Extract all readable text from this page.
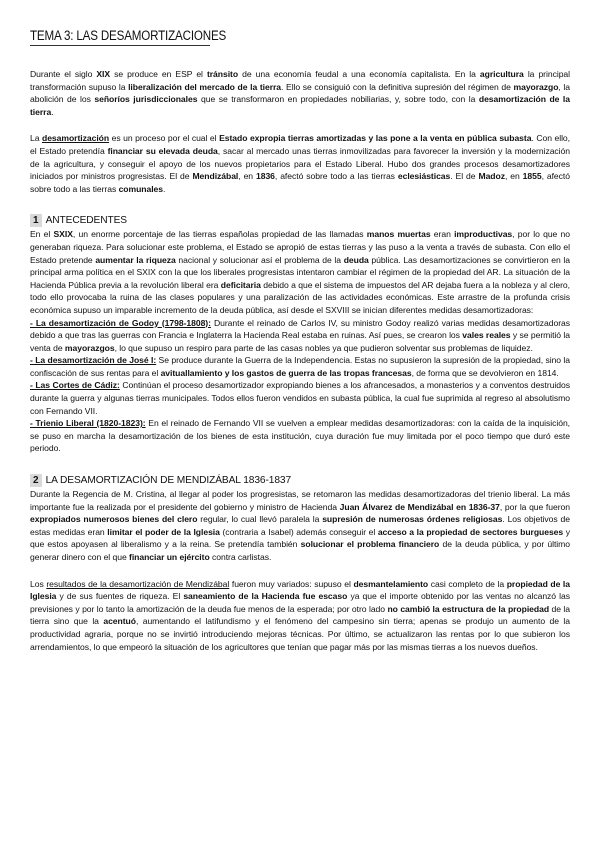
TEMA 3: LAS DESAMORTIZACIONES

Durante el siglo XIX se produce en ESP el tránsito de una economía feudal a una economía capitalista. En la agricultura la principal transformación supuso la liberalización del mercado de la tierra. Ello se consiguió con la definitiva supresión del régimen de mayorazgo, la abolición de los señoríos jurisdiccionales que se transformaron en propiedades nobiliarias, y, sobre todo, con la desamortización de la tierra.

La desamortización es un proceso por el cual el Estado expropia tierras amortizadas y las pone a la venta en pública subasta. Con ello, el Estado pretendía financiar su elevada deuda, sacar al mercado unas tierras inmovilizadas para favorecer la inversión y la modernización de la agricultura, y conseguir el apoyo de los nuevos propietarios para el Estado Liberal. Hubo dos grandes procesos desamortizadores iniciados por ministros progresistas. El de Mendizábal, en 1836, afectó sobre todo a las tierras eclesiásticas. El de Madoz, en 1855, afectó sobre todo a las tierras comunales.

1 ANTECEDENTES

En el SXIX, un enorme porcentaje de las tierras españolas propiedad de las llamadas manos muertas eran improductivas, por lo que no generaban riqueza. Para solucionar este problema, el Estado se apropió de estas tierras y las puso a la venta a través de subasta. Con ello el Estado pretende aumentar la riqueza nacional y solucionar así el problema de la deuda pública. Las desamortizaciones se convirtieron en la principal arma política en el SXIX con la que los liberales progresistas intentaron cambiar el régimen de la propiedad del AR. La situación de la Hacienda Pública previa a la revolución liberal era deficitaria debido a que el sistema de impuestos del AR dejaba fuera a la nobleza y al clero, todo ello provocaba la ruina de las clases populares y una paralización de las actividades económicas. Este arrastre de la profunda crisis económica supuso un imparable incremento de la deuda pública, así desde el SXVIII se inician diferentes medidas desamortizadoras:

- La desamortización de Godoy (1798-1808): Durante el reinado de Carlos IV, su ministro Godoy realizó varias medidas desamortizadoras debido a que tras las guerras con Francia e Inglaterra la Hacienda Real estaba en ruinas. Así pues, se crearon los vales reales y se permitió la venta de mayorazgos, lo que supuso un respiro para parte de las casas nobles ya que pudieron solventar sus problemas de liquidez.

- La desamortización de José I: Se produce durante la Guerra de la Independencia. Estas no supusieron la supresión de la propiedad, sino la confiscación de sus rentas para el avituallamiento y los gastos de guerra de las tropas francesas, de forma que se devolvieron en 1814.

- Las Cortes de Cádiz: Continúan el proceso desamortizador expropiando bienes a los afrancesados, a monasterios y a conventos destruidos durante la guerra y algunas tierras municipales. Todos ellos fueron vendidos en subasta pública, la cual fue suprimida al regreso al absolutismo con Fernando VII.

- Trienio Liberal (1820-1823): En el reinado de Fernando VII se vuelven a emplear medidas desamortizadoras: con la caída de la inquisición, se puso en marcha la desamortización de los bienes de esta institución, cuya duración fue muy limitada por el poco tiempo que duró este periodo.

2 LA DESAMORTIZACIÓN DE MENDIZÁBAL 1836-1837

Durante la Regencia de M. Cristina, al llegar al poder los progresistas, se retomaron las medidas desamortizadoras del trienio liberal. La más importante fue la realizada por el presidente del gobierno y ministro de Hacienda Juan Álvarez de Mendizábal en 1836-37, por la que fueron expropiados numerosos bienes del clero regular, lo cual llevó paralela la supresión de numerosas órdenes religiosas. Los objetivos de estas medidas eran limitar el poder de la Iglesia (contraria a Isabel) además conseguir el acceso a la propiedad de sectores burgueses y que estos apoyasen al liberalismo y a la reina. Se pretendía también solucionar el problema financiero de la deuda pública, y por último generar dinero con el que financiar un ejército contra carlistas.

Los resultados de la desamortización de Mendizábal fueron muy variados: supuso el desmantelamiento casi completo de la propiedad de la Iglesia y de sus fuentes de riqueza. El saneamiento de la Hacienda fue escaso ya que el importe obtenido por las ventas no alcanzó las previsiones y por lo tanto la amortización de la deuda fue menos de la esperada; por otro lado no cambió la estructura de la propiedad de la tierra sino que la acentuó, aumentando el latifundismo y el fenómeno del campesino sin tierra; apenas se produjo un aumento de la productividad agraria, porque no se invirtió introduciendo mejoras técnicas. Por último, se actualizaron las rentas por lo que subieron los arrendamientos, lo que empeoró la situación de los agricultores que tenían que pagar más por las mismas tierras a los nuevos dueños.
